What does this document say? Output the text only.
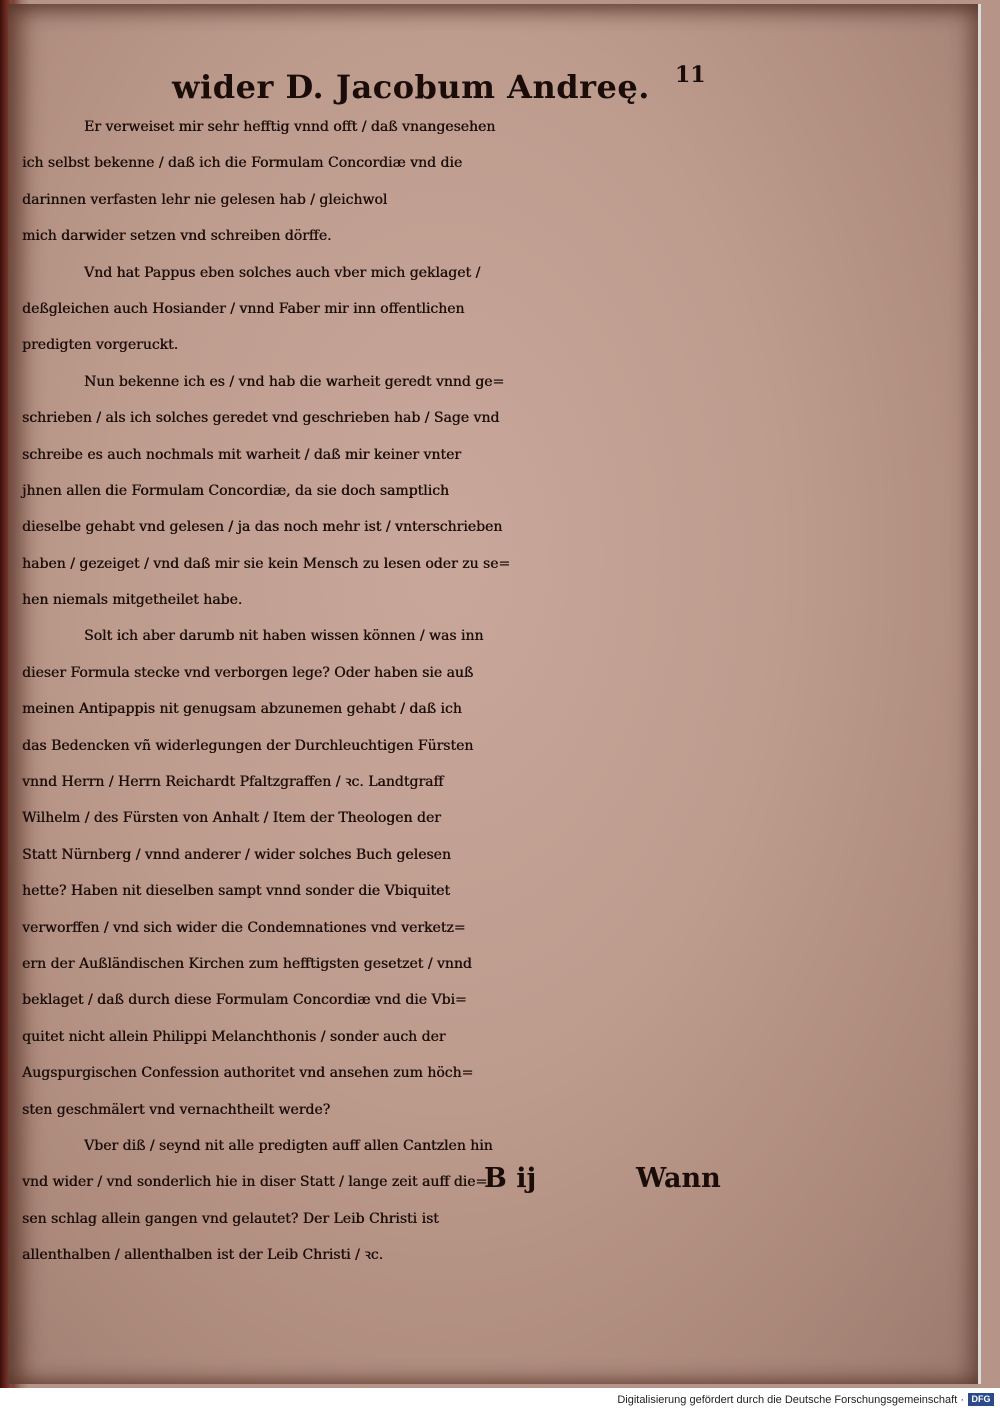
wider D. Jacobum Andreę. 11
Er verweiset mir sehr hefftig vnnd offt / daß vnangesehen
ich selbst bekenne / daß ich die Formulam Concordiæ vnd die
darinnen verfasten lehr nie gelesen hab / gleichwol
mich darwider setzen vnd schreiben dörffe.
Vnd hat Pappus eben solches auch vber mich geklaget /
deßgleichen auch Hosiander / vnnd Faber mir inn offentlichen
predigten vorgeruckt.
Nun bekenne ich es / vnd hab die warheit geredt vnnd ge=
schrieben / als ich solches geredet vnd geschrieben hab / Sage vnd
schreibe es auch nochmals mit warheit / daß mir keiner vnter
jhnen allen die Formulam Concordiæ, da sie doch samptlich
dieselbe gehabt vnd gelesen / ja das noch mehr ist / vnterschrieben
haben / gezeiget / vnd daß mir sie kein Mensch zu lesen oder zu se=
hen niemals mitgetheilet habe.
Solt ich aber darumb nit haben wissen können / was inn
dieser Formula stecke vnd verborgen lege? Oder haben sie auß
meinen Antipappis nit genugsam abzunemen gehabt / daß ich
das Bedencken vñ widerlegungen der Durchleuchtigen Fürsten
vnnd Herrn / Herrn Reichardt Pfaltzgraffen / ꝛc. Landtgraff
Wilhelm / des Fürsten von Anhalt / Item der Theologen der
Statt Nürnberg / vnnd anderer / wider solches Buch gelesen
hette? Haben nit dieselben sampt vnnd sonder die Vbiquitet
verworffen / vnd sich wider die Condemnationes vnd verketz=
ern der Außländischen Kirchen zum hefftigsten gesetzet / vnnd
beklaget / daß durch diese Formulam Concordiæ vnd die Vbi=
quitet nicht allein Philippi Melanchthonis / sonder auch der
Augspurgischen Confession authoritet vnd ansehen zum höch=
sten geschmälert vnd vernachtheilt werde?
Vber diß / seynd nit alle predigten auff allen Cantzlen hin
vnd wider / vnd sonderlich hie in diser Statt / lange zeit auff die=
sen schlag allein gangen vnd gelautet? Der Leib Christi ist
allenthalben / allenthalben ist der Leib Christi / ꝛc.
B ij	Wann
Digitalisierung gefördert durch die Deutsche Forschungsgemeinschaft · DFG
